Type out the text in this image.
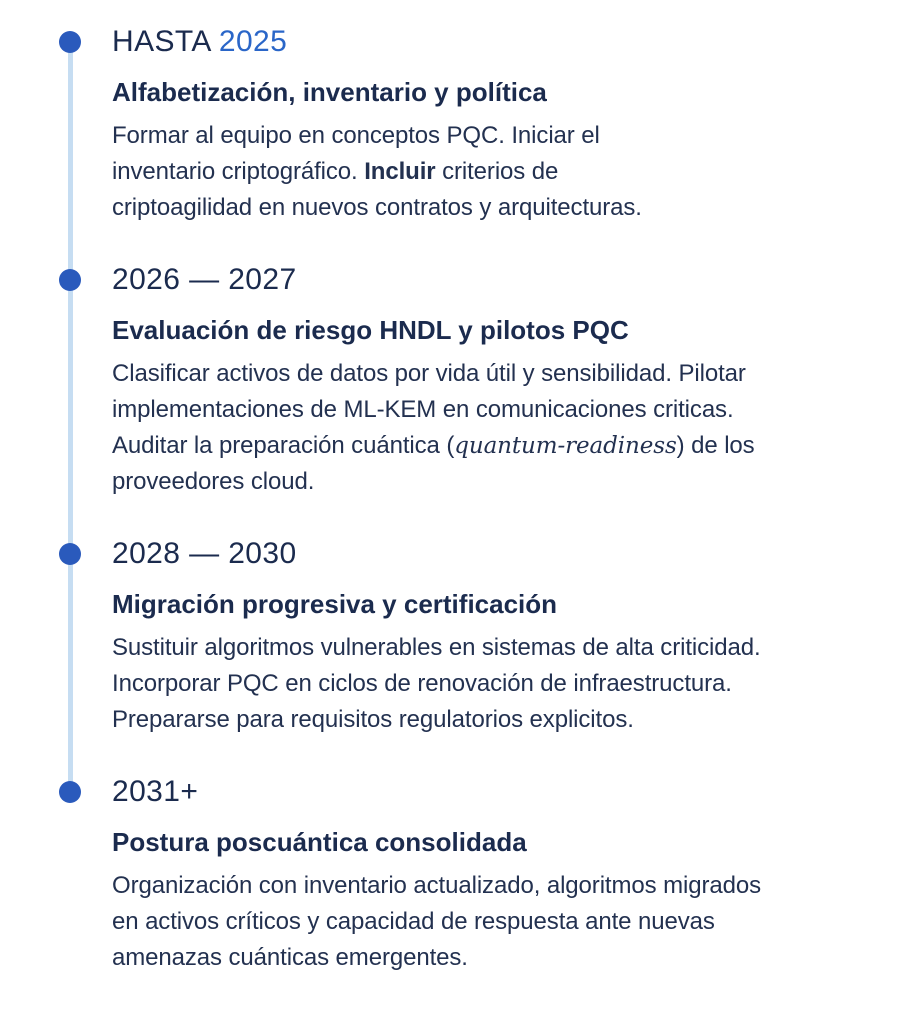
HASTA 2025
Alfabetización, inventario y política
Formar al equipo en conceptos PQC. Iniciar el
inventario criptográfico. Incluir criterios de
criptoagilidad en nuevos contratos y arquitecturas.
2026 — 2027
Evaluación de riesgo HNDL y pilotos PQC
Clasificar activos de datos por vida útil y sensibilidad. Pilotar
implementaciones de ML-KEM en comunicaciones criticas.
Auditar la preparación cuántica (quantum-readiness) de los
proveedores cloud.
2028 — 2030
Migración progresiva y certificación
Sustituir algoritmos vulnerables en sistemas de alta criticidad.
Incorporar PQC en ciclos de renovación de infraestructura.
Prepararse para requisitos regulatorios explicitos.
2031+
Postura poscuántica consolidada
Organización con inventario actualizado, algoritmos migrados
en activos críticos y capacidad de respuesta ante nuevas
amenazas cuánticas emergentes.
